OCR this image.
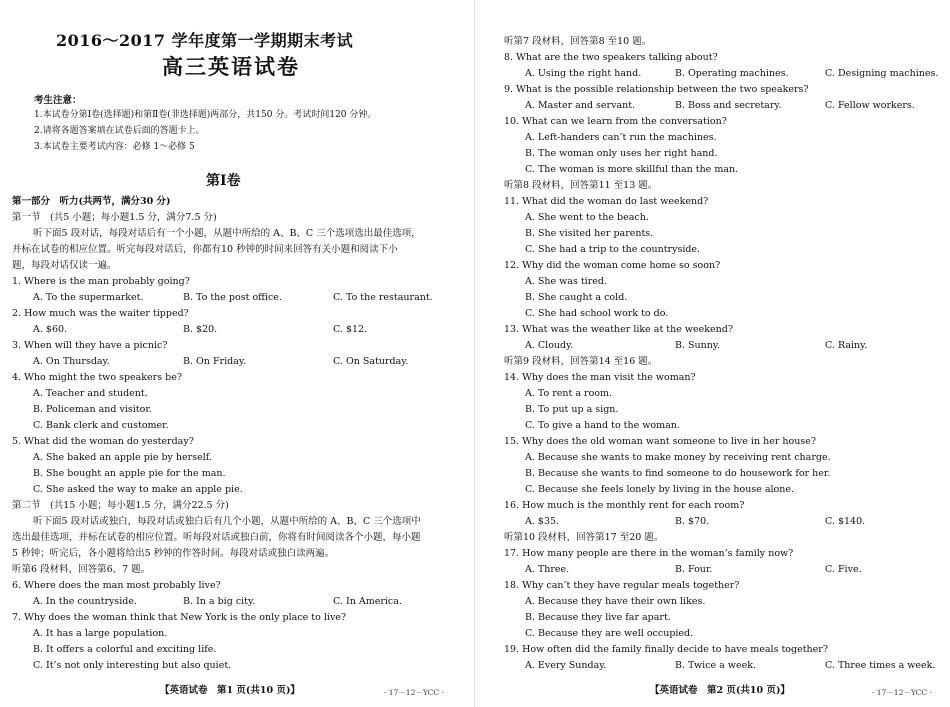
2016～2017 学年度第一学期期末考试
高三英语试卷
考生注意：
1.本试卷分第Ⅰ卷(选择题)和第Ⅱ卷(非选择题)两部分，共150 分。考试时间120 分钟。
2.请将各题答案填在试卷后面的答题卡上。
3.本试卷主要考试内容：必修 1～必修 5
第Ⅰ卷
第一部分　听力(共两节，满分30 分)
第一节　(共5 小题；每小题1.5 分，满分7.5 分)
听下面5 段对话，每段对话后有一个小题，从题中所给的 A、B、C 三个选项选出最佳选项，
并标在试卷的相应位置。听完每段对话后，你都有10 秒钟的时间来回答有关小题和阅读下小
题，每段对话仅读一遍。
1. Where is the man probably going?
A. To the supermarket.	B. To the post office.	C. To the restaurant.
2. How much was the waiter tipped?
A. $60.	B. $20.	C. $12.
3. When will they have a picnic?
A. On Thursday.	B. On Friday.	C. On Saturday.
4. Who might the two speakers be?
A. Teacher and student.
B. Policeman and visitor.
C. Bank clerk and customer.
5. What did the woman do yesterday?
A. She baked an apple pie by herself.
B. She bought an apple pie for the man.
C. She asked the way to make an apple pie.
第二节　(共15 小题；每小题1.5 分，满分22.5 分)
听下面5 段对话或独白，每段对话或独白后有几个小题，从题中所给的 A、B、C 三个选项中
选出最佳选项，并标在试卷的相应位置。听每段对话或独白前，你将有时间阅读各个小题，每小题
5 秒钟；听完后，各小题将给出5 秒钟的作答时间。每段对话或独白读两遍。
听第6 段材料，回答第6、7 题。
6. Where does the man most probably live?
A. In the countryside.	B. In a big city.	C. In America.
7. Why does the woman think that New York is the only place to live?
A. It has a large population.
B. It offers a colorful and exciting life.
C. It’s not only interesting but also quiet.
【英语试卷　第1 页(共10 页)】	· 17－12－YCC ·
听第7 段材料，回答第8 至10 题。
8. What are the two speakers talking about?
A. Using the right hand.	B. Operating machines.	C. Designing machines.
9. What is the possible relationship between the two speakers?
A. Master and servant.	B. Boss and secretary.	C. Fellow workers.
10. What can we learn from the conversation?
A. Left-handers can’t run the machines.
B. The woman only uses her right hand.
C. The woman is more skillful than the man.
听第8 段材料，回答第11 至13 题。
11. What did the woman do last weekend?
A. She went to the beach.
B. She visited her parents.
C. She had a trip to the countryside.
12. Why did the woman come home so soon?
A. She was tired.
B. She caught a cold.
C. She had school work to do.
13. What was the weather like at the weekend?
A. Cloudy.	B. Sunny.	C. Rainy.
听第9 段材料，回答第14 至16 题。
14. Why does the man visit the woman?
A. To rent a room.
B. To put up a sign.
C. To give a hand to the woman.
15. Why does the old woman want someone to live in her house?
A. Because she wants to make money by receiving rent charge.
B. Because she wants to find someone to do housework for her.
C. Because she feels lonely by living in the house alone.
16. How much is the monthly rent for each room?
A. $35.	B. $70.	C. $140.
听第10 段材料，回答第17 至20 题。
17. How many people are there in the woman’s family now?
A. Three.	B. Four.	C. Five.
18. Why can’t they have regular meals together?
A. Because they have their own likes.
B. Because they live far apart.
C. Because they are well occupied.
19. How often did the family finally decide to have meals together?
A. Every Sunday.	B. Twice a week.	C. Three times a week.
【英语试卷　第2 页(共10 页)】	· 17－12－YCC ·
